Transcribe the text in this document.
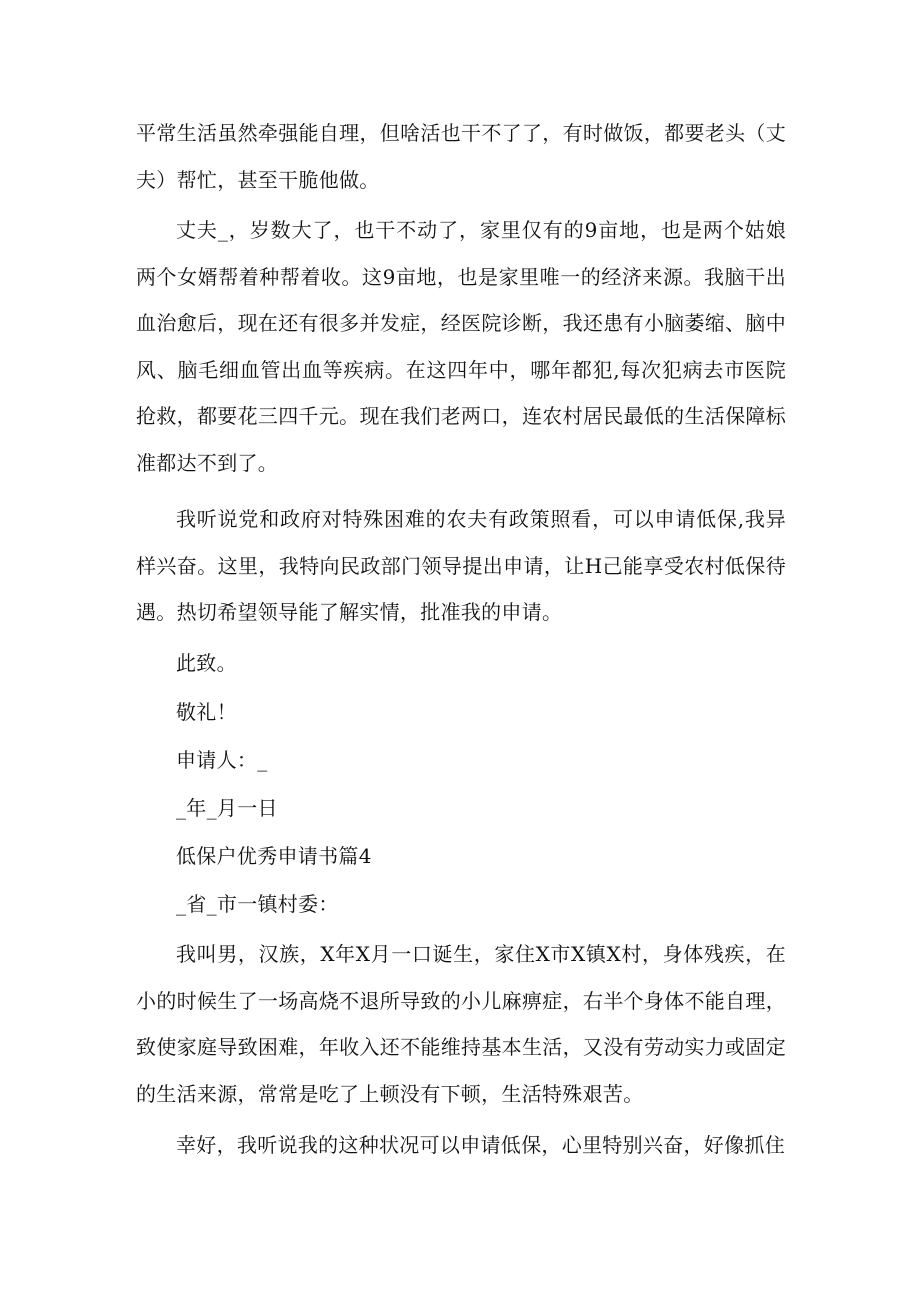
平常生活虽然牵强能自理，但啥活也干不了了，有时做饭，都要老头（丈夫）帮忙，甚至干脆他做。

丈夫_，岁数大了，也干不动了，家里仅有的9亩地，也是两个姑娘两个女婿帮着种帮着收。这9亩地，也是家里唯一的经济来源。我脑干出血治愈后，现在还有很多并发症，经医院诊断，我还患有小脑萎缩、脑中风、脑毛细血管出血等疾病。在这四年中，哪年都犯,每次犯病去市医院抢救，都要花三四千元。现在我们老两口，连农村居民最低的生活保障标准都达不到了。

我听说党和政府对特殊困难的农夫有政策照看，可以申请低保,我异样兴奋。这里，我特向民政部门领导提出申请，让H己能享受农村低保待遇。热切希望领导能了解实情，批准我的申请。

此致。

敬礼！

申请人：_

_年_月一日

低保户优秀申请书篇4

_省_市一镇村委：

我叫男，汉族，X年X月一口诞生，家住X市X镇X村，身体残疾，在小的时候生了一场高烧不退所导致的小儿麻痹症，右半个身体不能自理，致使家庭导致困难，年收入还不能维持基本生活，又没有劳动实力或固定的生活来源，常常是吃了上顿没有下顿，生活特殊艰苦。

幸好，我听说我的这种状况可以申请低保，心里特别兴奋，好像抓住
